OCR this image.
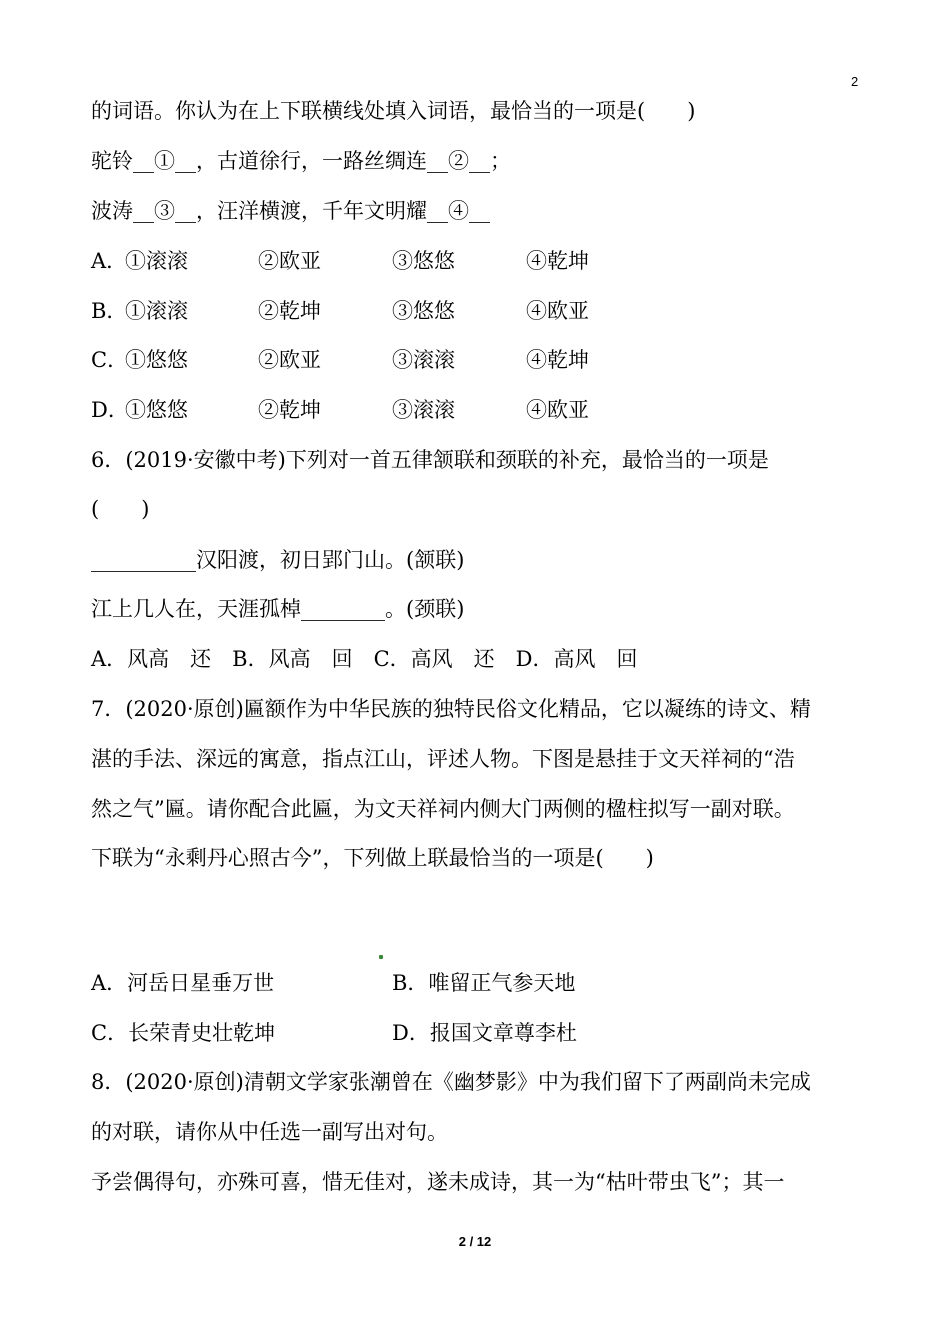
2
的词语。你认为在上下联横线处填入词语，最恰当的一项是(　　)
驼铃__①__，古道徐行，一路丝绸连__②__；
波涛__③__，汪洋横渡，千年文明耀__④__
A．
①滚滚	②欧亚	③悠悠	④乾坤
B．
①滚滚	②乾坤	③悠悠	④欧亚
C．
①悠悠	②欧亚	③滚滚	④乾坤
D．
①悠悠	②乾坤	③滚滚	④欧亚
6．(2019·安徽中考)下列对一首五律颔联和颈联的补充，最恰当的一项是
(　　)
__________汉阳渡，初日郢门山。(颔联)
江上几人在，天涯孤棹________。(颈联)
A．风高　还　B．风高　回　C．高风　还　D．高风　回
7．(2020·原创)匾额作为中华民族的独特民俗文化精品，它以凝练的诗文、精
湛的手法、深远的寓意，指点江山，评述人物。下图是悬挂于文天祥祠的“浩
然之气”匾。请你配合此匾，为文天祥祠内侧大门两侧的楹柱拟写一副对联。
下联为“永剩丹心照古今”，下列做上联最恰当的一项是(　　)
A．河岳日星垂万世	B．唯留正气参天地
C．长荣青史壮乾坤	D．报国文章尊李杜
8．(2020·原创)清朝文学家张潮曾在《幽梦影》中为我们留下了两副尚未完成
的对联，请你从中任选一副写出对句。
予尝偶得句，亦殊可喜，惜无佳对，遂未成诗，其一为“枯叶带虫飞”；其一
2 / 12
